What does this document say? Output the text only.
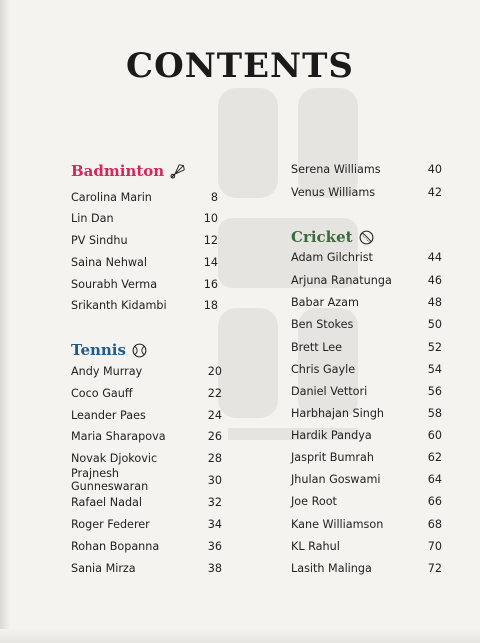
CONTENTS
Badminton
Tennis
Cricket
Carolina Marin	8
Lin Dan	10
PV Sindhu	12
Saina Nehwal	14
Sourabh Verma	16
Srikanth Kidambi	18
Andy Murray	20
Coco Gauff	22
Leander Paes	24
Maria Sharapova	26
Novak Djokovic	28
Prajnesh Gunneswaran	30
Rafael Nadal	32
Roger Federer	34
Rohan Bopanna	36
Sania Mirza	38
Serena Williams	40
Venus Williams	42
Adam Gilchrist	44
Arjuna Ranatunga	46
Babar Azam	48
Ben Stokes	50
Brett Lee	52
Chris Gayle	54
Daniel Vettori	56
Harbhajan Singh	58
Hardik Pandya	60
Jasprit Bumrah	62
Jhulan Goswami	64
Joe Root	66
Kane Williamson	68
KL Rahul	70
Lasith Malinga	72
